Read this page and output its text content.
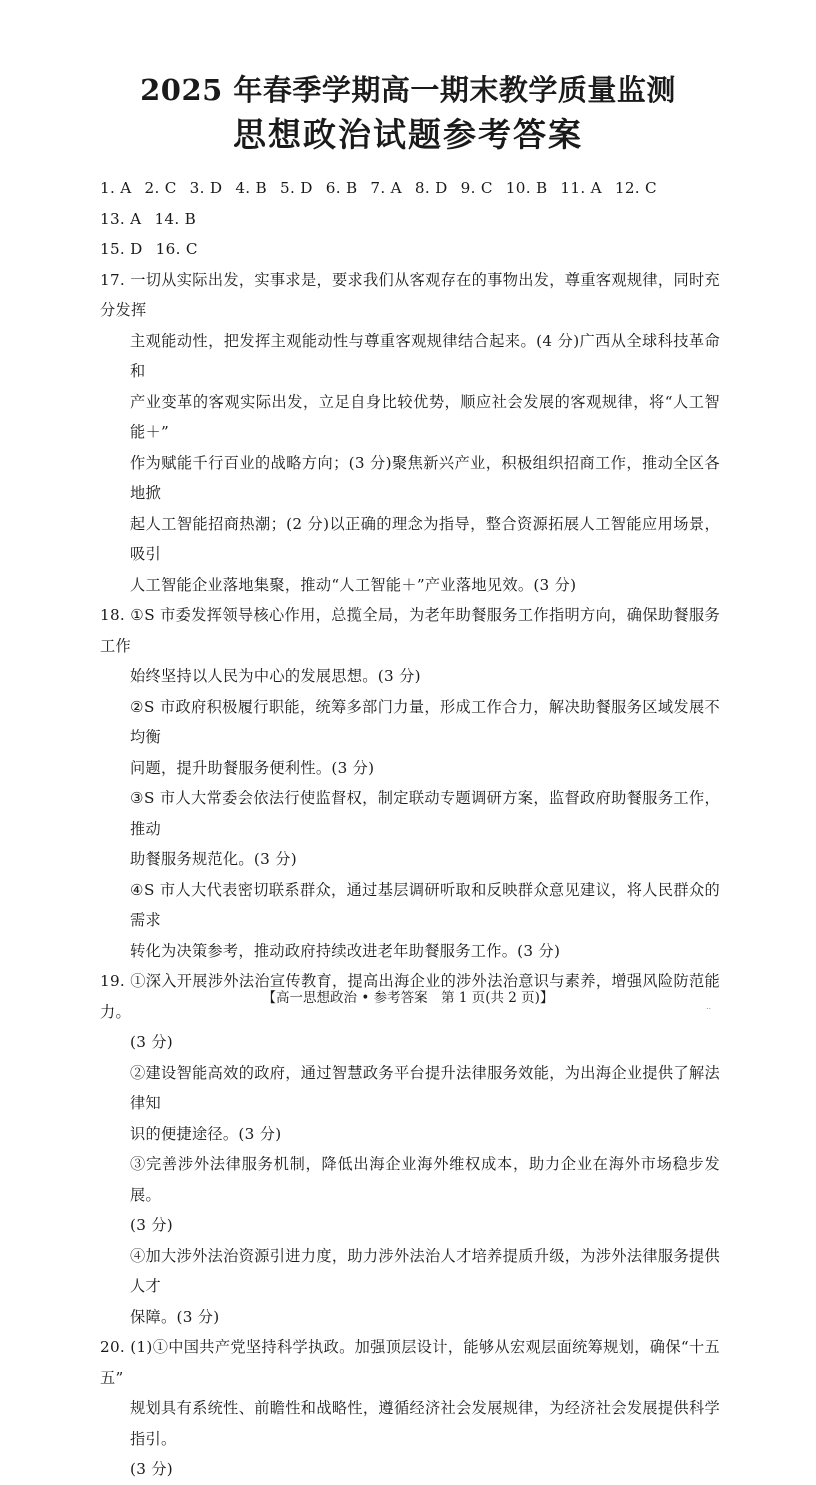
2025 年春季学期高一期末教学质量监测
思想政治试题参考答案
1. A 2. C 3. D 4. B 5. D 6. B 7. A 8. D 9. C 10. B 11. A 12. C13. A 14. B
15. D 16. C
17. 一切从实际出发，实事求是，要求我们从客观存在的事物出发，尊重客观规律，同时充分发挥
主观能动性，把发挥主观能动性与尊重客观规律结合起来。(4 分)广西从全球科技革命和
产业变革的客观实际出发，立足自身比较优势，顺应社会发展的客观规律，将“人工智能＋”
作为赋能千行百业的战略方向；(3 分)聚焦新兴产业，积极组织招商工作，推动全区各地掀
起人工智能招商热潮；(2 分)以正确的理念为指导，整合资源拓展人工智能应用场景，吸引
人工智能企业落地集聚，推动“人工智能＋”产业落地见效。(3 分)
18. ①S 市委发挥领导核心作用，总揽全局，为老年助餐服务工作指明方向，确保助餐服务工作
始终坚持以人民为中心的发展思想。(3 分)
②S 市政府积极履行职能，统筹多部门力量，形成工作合力，解决助餐服务区域发展不均衡
问题，提升助餐服务便利性。(3 分)
③S 市人大常委会依法行使监督权，制定联动专题调研方案，监督政府助餐服务工作，推动
助餐服务规范化。(3 分)
④S 市人大代表密切联系群众，通过基层调研听取和反映群众意见建议，将人民群众的需求
转化为决策参考，推动政府持续改进老年助餐服务工作。(3 分)
19. ①深入开展涉外法治宣传教育，提高出海企业的涉外法治意识与素养，增强风险防范能力。
(3 分)
②建设智能高效的政府，通过智慧政务平台提升法律服务效能，为出海企业提供了解法律知
识的便捷途径。(3 分)
③完善涉外法律服务机制，降低出海企业海外维权成本，助力企业在海外市场稳步发展。
(3 分)
④加大涉外法治资源引进力度，助力涉外法治人才培养提质升级，为涉外法律服务提供人才
保障。(3 分)
20. (1)①中国共产党坚持科学执政。加强顶层设计，能够从宏观层面统筹规划，确保“十五五”
规划具有系统性、前瞻性和战略性，遵循经济社会发展规律，为经济社会发展提供科学指引。
(3 分)
【高一思想政治 • 参考答案　第 1 页(共 2 页)】
..
